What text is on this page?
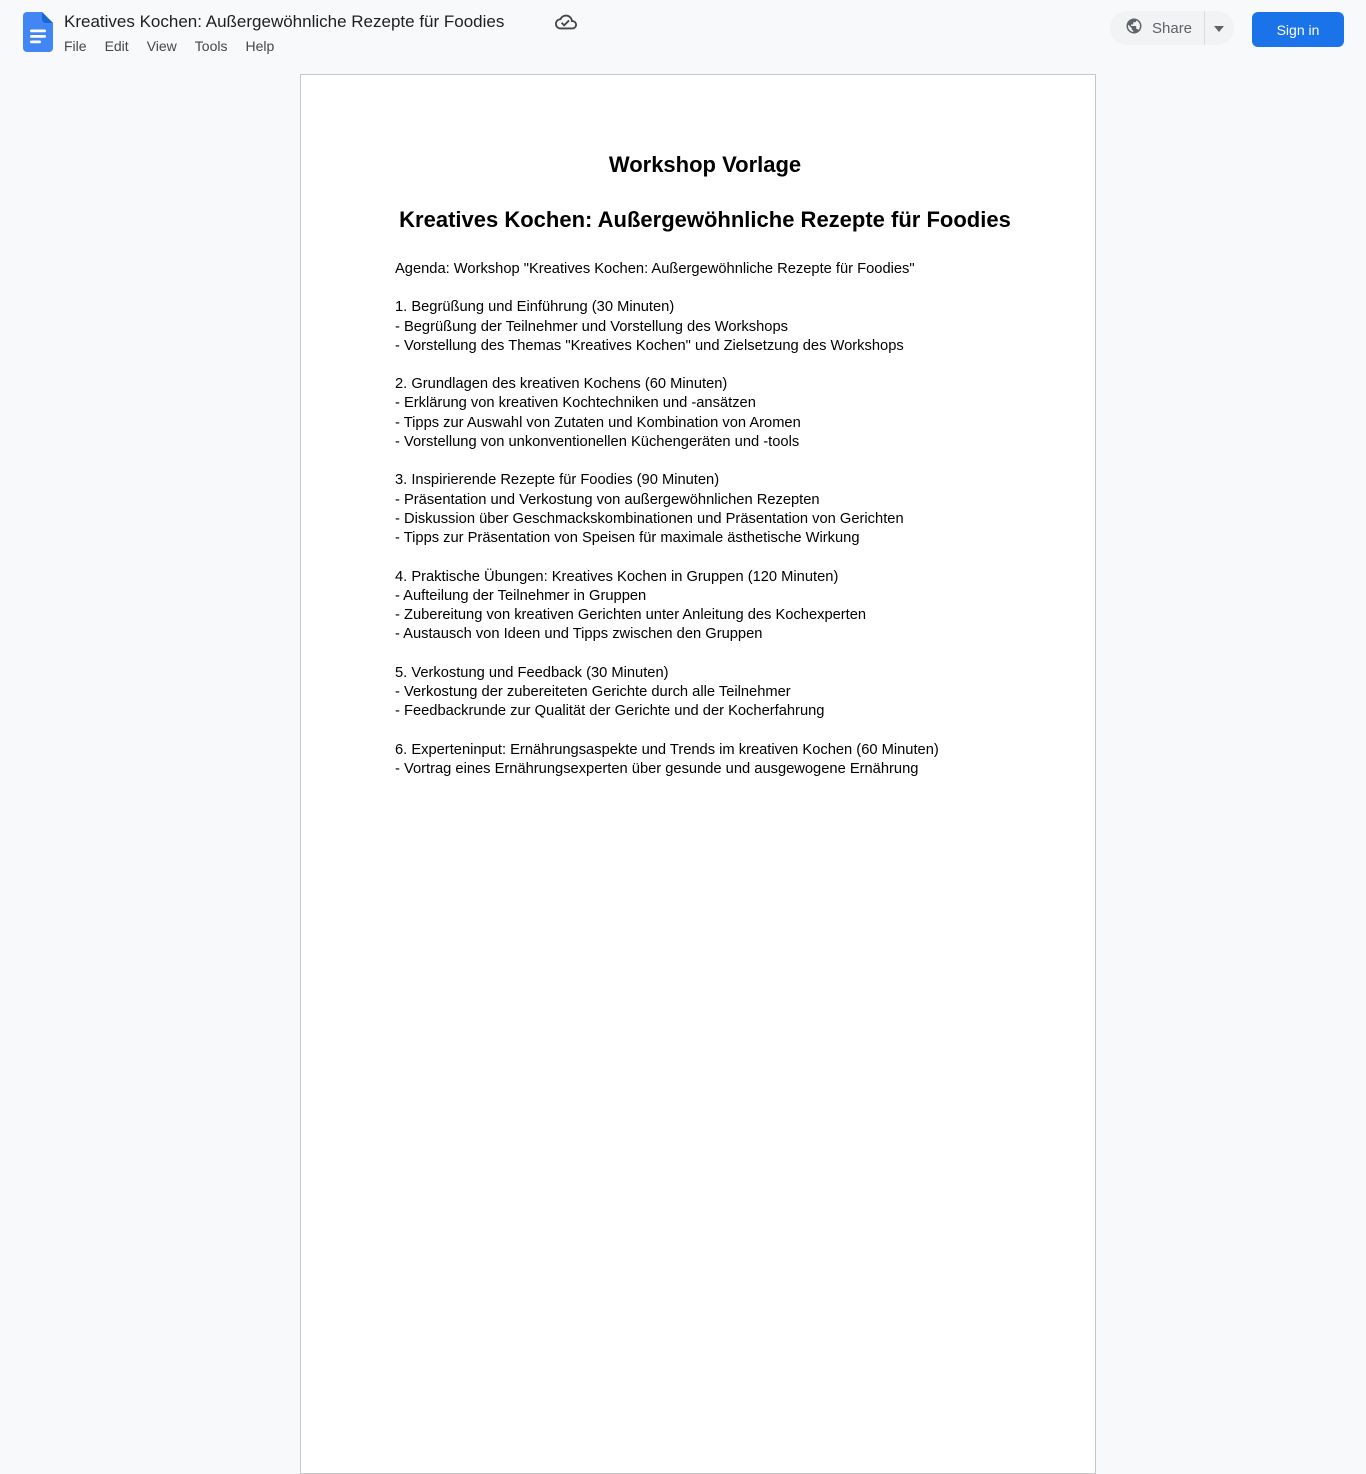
Kreatives Kochen: Außergewöhnliche Rezepte für Foodies
File Edit View Tools Help
Share	Sign in
Workshop Vorlage
Kreatives Kochen: Außergewöhnliche Rezepte für Foodies
Agenda: Workshop "Kreatives Kochen: Außergewöhnliche Rezepte für Foodies"
1. Begrüßung und Einführung (30 Minuten)
- Begrüßung der Teilnehmer und Vorstellung des Workshops
- Vorstellung des Themas "Kreatives Kochen" und Zielsetzung des Workshops
2. Grundlagen des kreativen Kochens (60 Minuten)
- Erklärung von kreativen Kochtechniken und -ansätzen
- Tipps zur Auswahl von Zutaten und Kombination von Aromen
- Vorstellung von unkonventionellen Küchengeräten und -tools
3. Inspirierende Rezepte für Foodies (90 Minuten)
- Präsentation und Verkostung von außergewöhnlichen Rezepten
- Diskussion über Geschmackskombinationen und Präsentation von Gerichten
- Tipps zur Präsentation von Speisen für maximale ästhetische Wirkung
4. Praktische Übungen: Kreatives Kochen in Gruppen (120 Minuten)
- Aufteilung der Teilnehmer in Gruppen
- Zubereitung von kreativen Gerichten unter Anleitung des Kochexperten
- Austausch von Ideen und Tipps zwischen den Gruppen
5. Verkostung und Feedback (30 Minuten)
- Verkostung der zubereiteten Gerichte durch alle Teilnehmer
- Feedbackrunde zur Qualität der Gerichte und der Kocherfahrung
6. Experteninput: Ernährungsaspekte und Trends im kreativen Kochen (60 Minuten)
- Vortrag eines Ernährungsexperten über gesunde und ausgewogene Ernährung
